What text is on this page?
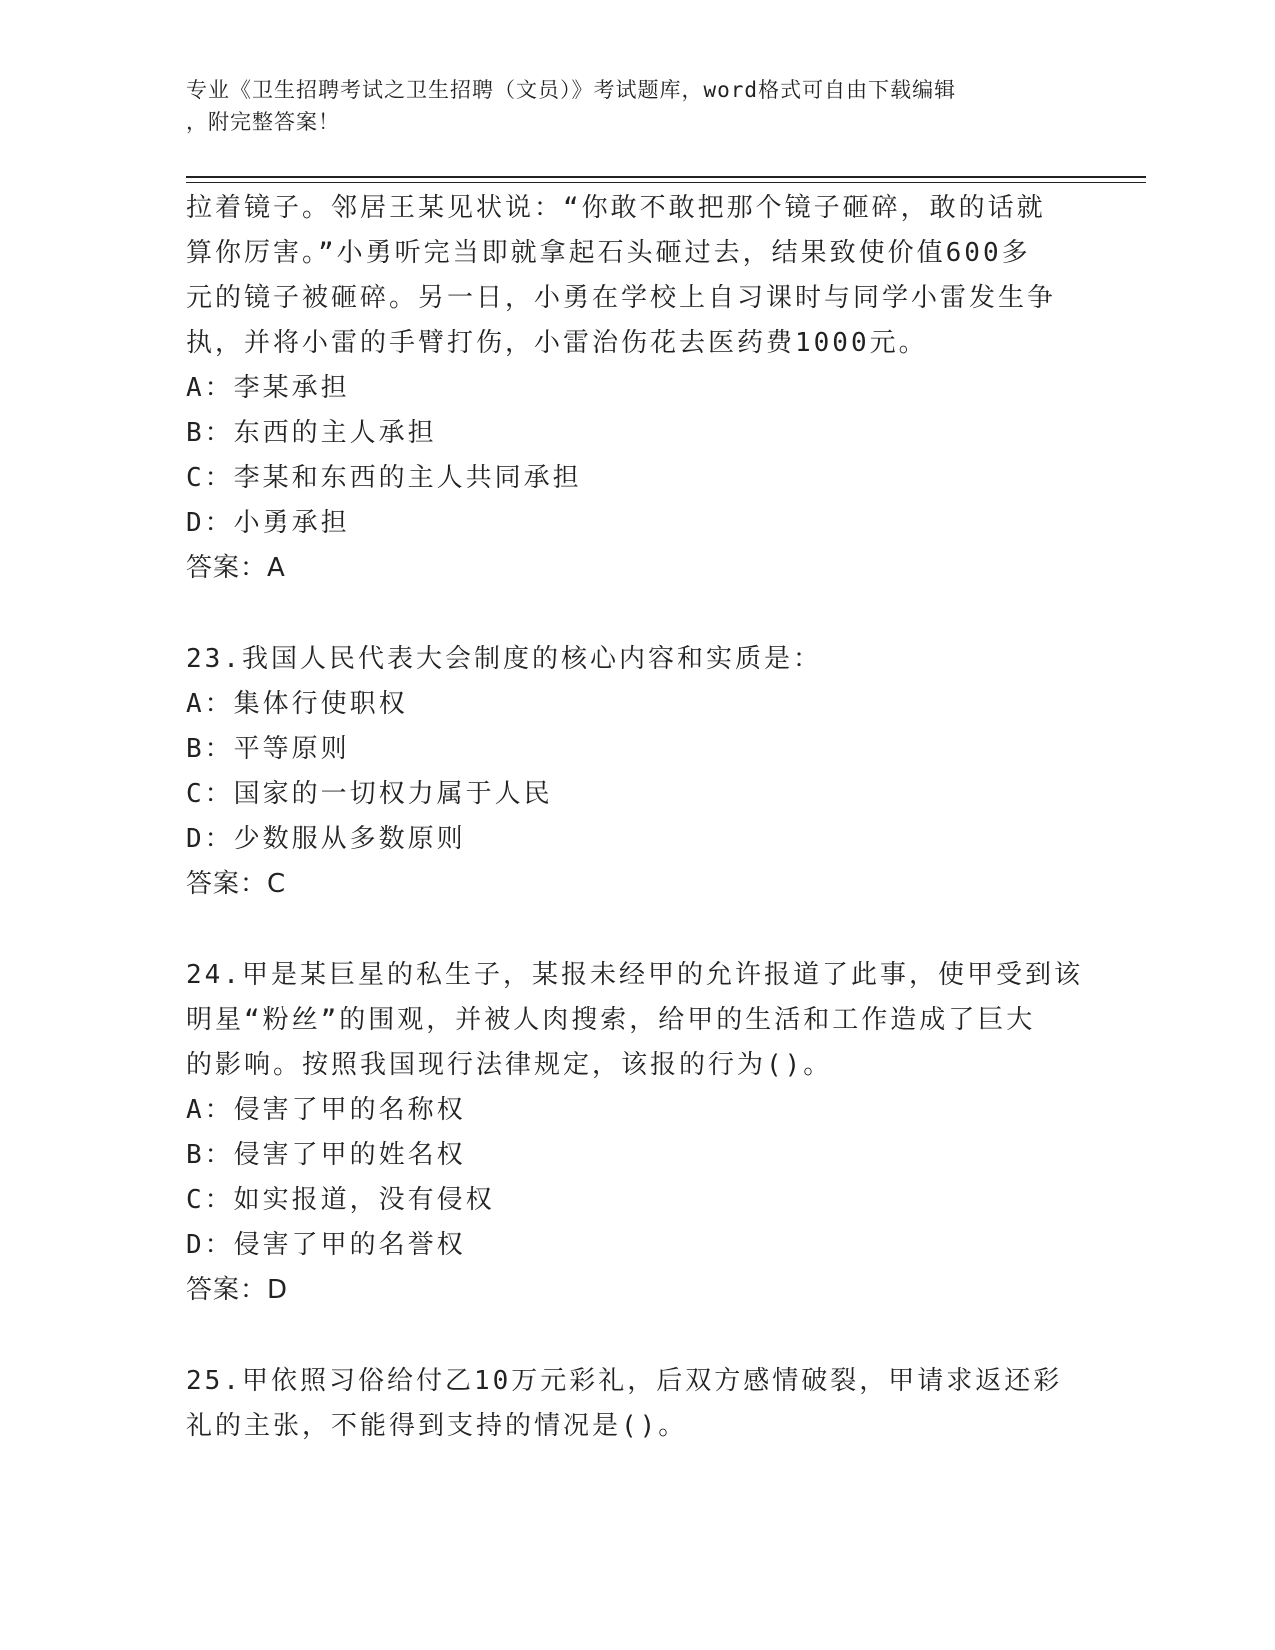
专业《卫生招聘考试之卫生招聘（文员）》考试题库，word格式可自由下载编辑
，附完整答案！
拉着镜子。邻居王某见状说：“你敢不敢把那个镜子砸碎，敢的话就
算你厉害。”小勇听完当即就拿起石头砸过去，结果致使价值600多
元的镜子被砸碎。另一日，小勇在学校上自习课时与同学小雷发生争
执，并将小雷的手臂打伤，小雷治伤花去医药费1000元。
A：李某承担
B：东西的主人承担
C：李某和东西的主人共同承担
D：小勇承担
答案：A
23.我国人民代表大会制度的核心内容和实质是：
A：集体行使职权
B：平等原则
C：国家的一切权力属于人民
D：少数服从多数原则
答案：C
24.甲是某巨星的私生子，某报未经甲的允许报道了此事，使甲受到该
明星“粉丝”的围观，并被人肉搜索，给甲的生活和工作造成了巨大
的影响。按照我国现行法律规定，该报的行为()。
A：侵害了甲的名称权
B：侵害了甲的姓名权
C：如实报道，没有侵权
D：侵害了甲的名誉权
答案：D
25.甲依照习俗给付乙10万元彩礼，后双方感情破裂，甲请求返还彩
礼的主张，不能得到支持的情况是()。
